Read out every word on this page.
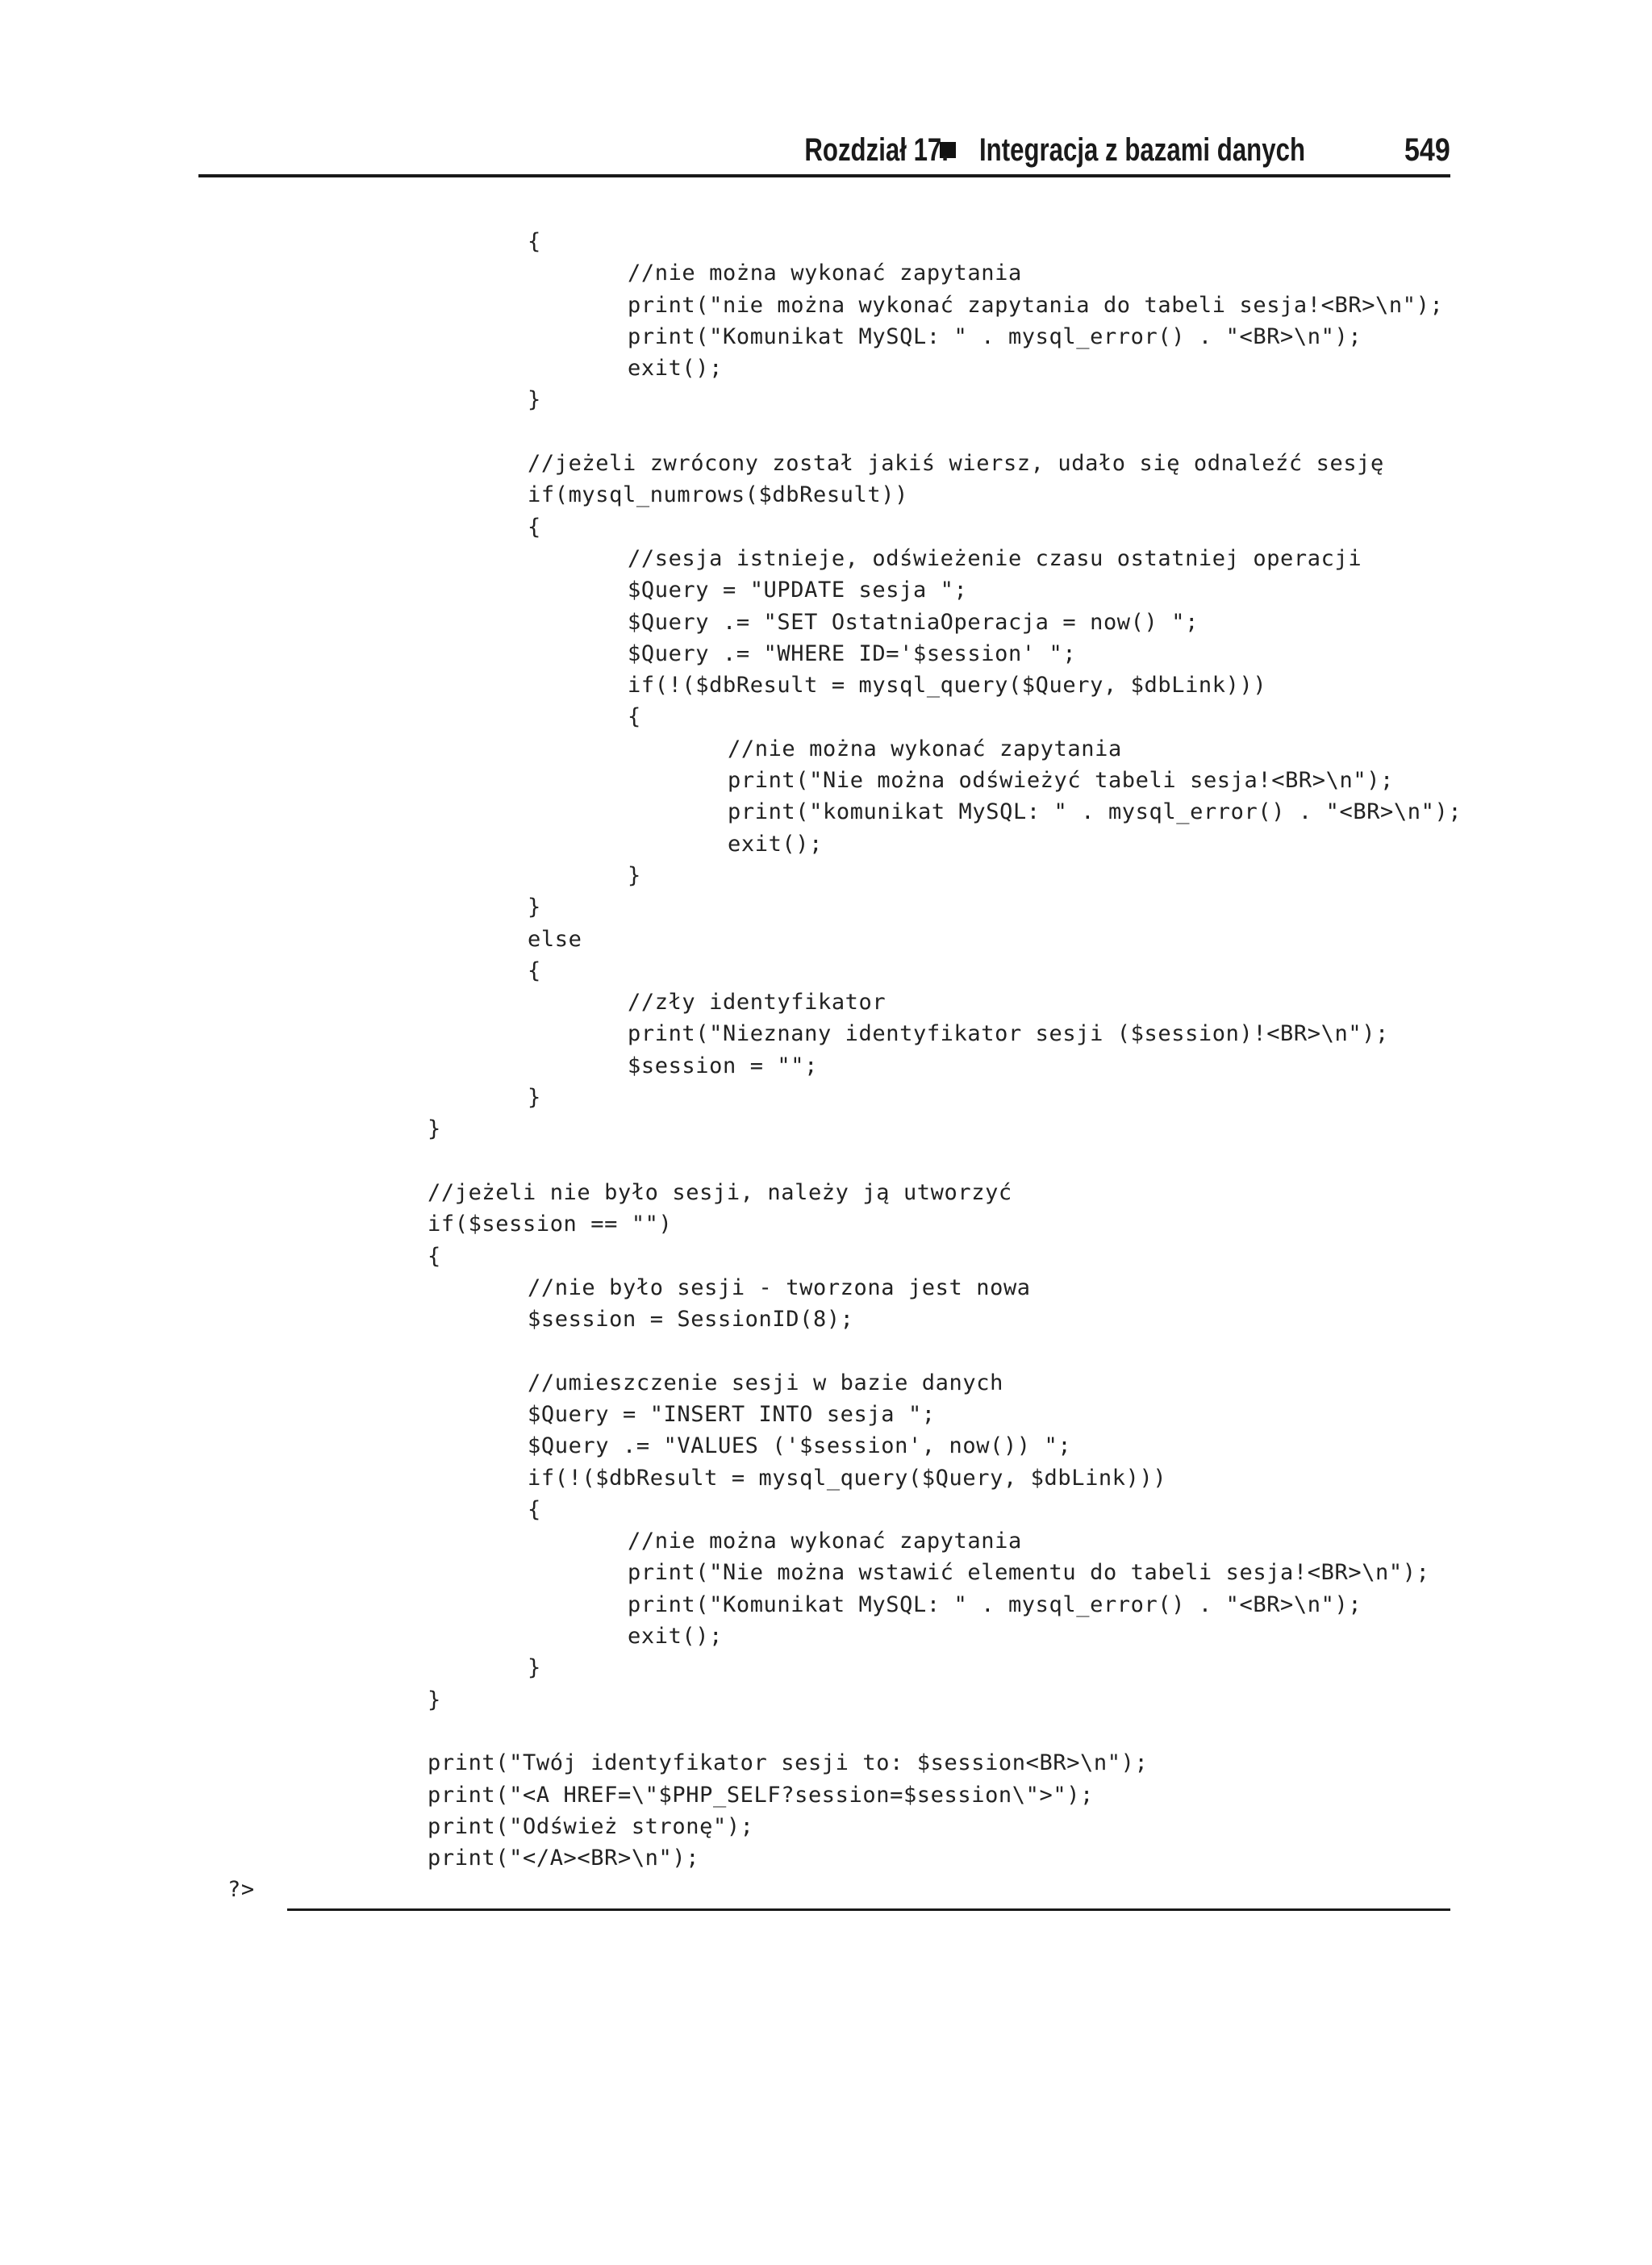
Rozdział 17. Integracja z bazami danych	549
{
//nie można wykonać zapytania
print("nie można wykonać zapytania do tabeli sesja!<BR>\n");
print("Komunikat MySQL: " . mysql_error() . "<BR>\n");
exit();
}
//jeżeli zwrócony został jakiś wiersz, udało się odnaleźć sesję
if(mysql_numrows($dbResult))
{
//sesja istnieje, odświeżenie czasu ostatniej operacji
$Query = "UPDATE sesja ";
$Query .= "SET OstatniaOperacja = now() ";
$Query .= "WHERE ID='$session' ";
if(!($dbResult = mysql_query($Query, $dbLink)))
{
//nie można wykonać zapytania
print("Nie można odświeżyć tabeli sesja!<BR>\n");
print("komunikat MySQL: " . mysql_error() . "<BR>\n");
exit();
}
}
else
{
//zły identyfikator
print("Nieznany identyfikator sesji ($session)!<BR>\n");
$session = "";
}
}
//jeżeli nie było sesji, należy ją utworzyć
if($session == "")
{
//nie było sesji - tworzona jest nowa
$session = SessionID(8);
//umieszczenie sesji w bazie danych
$Query = "INSERT INTO sesja ";
$Query .= "VALUES ('$session', now()) ";
if(!($dbResult = mysql_query($Query, $dbLink)))
{
//nie można wykonać zapytania
print("Nie można wstawić elementu do tabeli sesja!<BR>\n");
print("Komunikat MySQL: " . mysql_error() . "<BR>\n");
exit();
}
}
print("Twój identyfikator sesji to: $session<BR>\n");
print("<A HREF=\"$PHP_SELF?session=$session\">");
print("Odśwież stronę");
print("</A><BR>\n");
?>
